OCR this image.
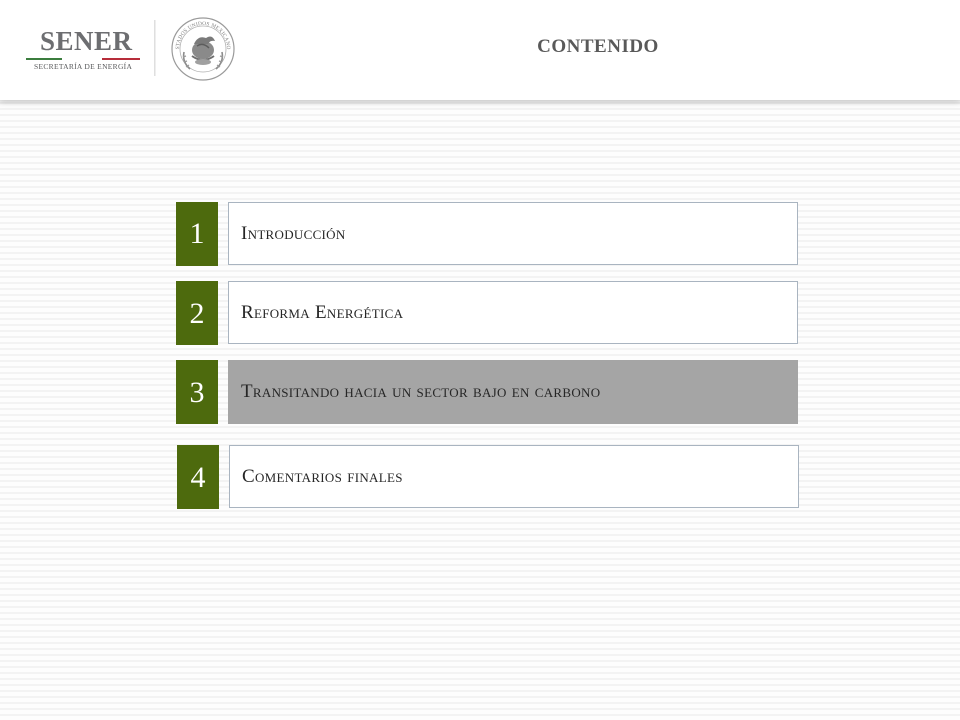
SENER
SECRETARÍA DE ENERGÍA
STADOS UNIDOS MEXICANO	CONTENIDO
1	Introducción
2	Reforma Energética
3	Transitando hacia un sector bajo en carbono
4	Comentarios finales
